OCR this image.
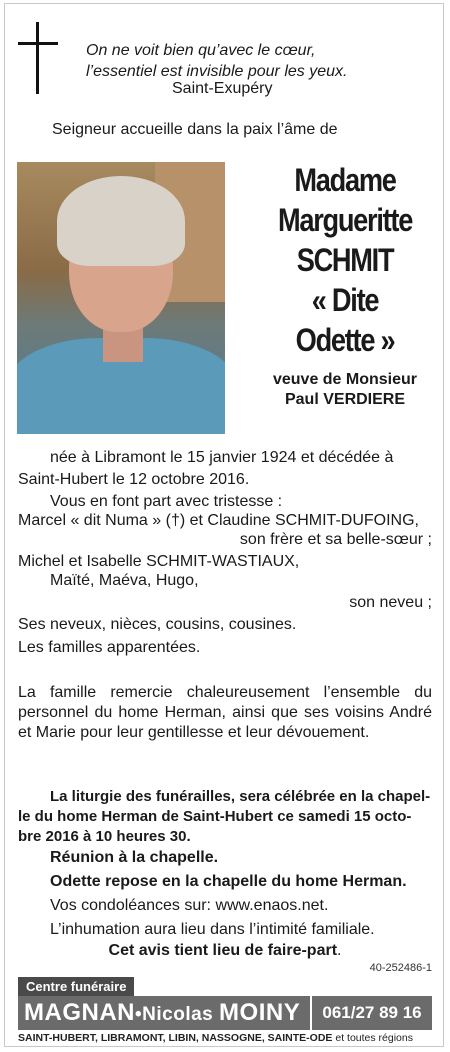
On ne voit bien qu’avec le cœur,
l’essentiel est invisible pour les yeux.
Saint-Exupéry
Seigneur accueille dans la paix l’âme de
Madame
Margueritte
SCHMIT
« Dite
Odette »
veuve de Monsieur
Paul VERDIERE
née à Libramont le 15 janvier 1924 et décédée à
Saint-Hubert le 12 octobre 2016.
Vous en font part avec tristesse :
Marcel « dit Numa » (†) et Claudine SCHMIT-DUFOING,
son frère et sa belle-sœur ;
Michel et Isabelle SCHMIT-WASTIAUX,
Maïté, Maéva, Hugo,
son neveu ;
Ses neveux, nièces, cousins, cousines.
Les familles apparentées.
La famille remercie chaleureusement l’ensemble du personnel du home Herman, ainsi que ses voisins André et Marie pour leur gentillesse et leur dévouement.
La liturgie des funérailles, sera célébrée en la chapel-
le du home Herman de Saint-Hubert ce samedi 15 octo-
bre 2016 à 10 heures 30.
Réunion à la chapelle.
Odette repose en la chapelle du home Herman.
Vos condoléances sur: www.enaos.net.
L’inhumation aura lieu dans l’intimité familiale.
Cet avis tient lieu de faire-part.
40-252486-1
Centre funéraire
MAGNAN•Nicolas MOINY	061/27 89 16
SAINT-HUBERT, LIBRAMONT, LIBIN, NASSOGNE, SAINTE-ODE et toutes régions
